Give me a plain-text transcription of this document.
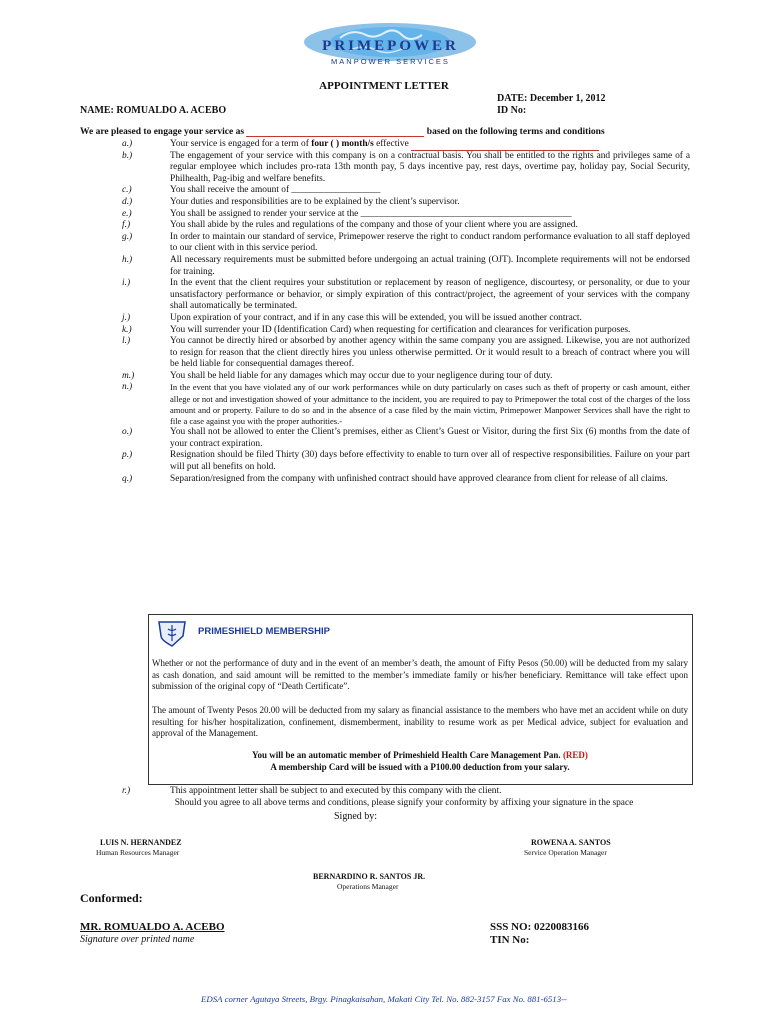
PRIMEPOWER
MANPOWER SERVICES
APPOINTMENT LETTER
DATE: December 1, 2012
NAME: ROMUALDO A. ACEBO	ID No:
We are pleased to engage your service as	based on the following terms and conditions
a.)	Your service is engaged for a term of four ( ) month/s effective
b.)	The engagement of your service with this company is on a contractual basis. You shall be entitled to the rights and privileges same of a regular employee which includes pro-rata 13th month pay, 5 days incentive pay, rest days, overtime pay, holiday pay, Social Security, Philhealth, Pag-ibig and welfare benefits.
c.)	You shall receive the amount of ___________________
d.)	Your duties and responsibilities are to be explained by the client’s supervisor.
e.)	You shall be assigned to render your service at the _____________________________________________
f.)	You shall abide by the rules and regulations of the company and those of your client where you are assigned.
g.)	In order to maintain our standard of service, Primepower reserve the right to conduct random performance evaluation to all staff deployed to our client with in this service period.
h.)	All necessary requirements must be submitted before undergoing an actual training (OJT). Incomplete requirements will not be endorsed for training.
i.)	In the event that the client requires your substitution or replacement by reason of negligence, discourtesy, or personality, or due to your unsatisfactory performance or behavior, or simply expiration of this contract/project, the agreement of your services with the company shall automatically be terminated.
j.)	Upon expiration of your contract, and if in any case this will be extended, you will be issued another contract.
k.)	You will surrender your ID (Identification Card) when requesting for certification and clearances for verification purposes.
l.)	You cannot be directly hired or absorbed by another agency within the same company you are assigned. Likewise, you are not authorized to resign for reason that the client directly hires you unless otherwise permitted. Or it would result to a breach of contract where you will be held liable for consequential damages thereof.
m.)	You shall be held liable for any damages which may occur due to your negligence during tour of duty.
n.)	In the event that you have violated any of our work performances while on duty particularly on cases such as theft of property or cash amount, either allege or not and investigation showed of your admittance to the incident, you are required to pay to Primepower the total cost of the charges of the loss amount and or property. Failure to do so and in the absence of a case filed by the main victim, Primepower Manpower Services shall have the right to file a case against you with the proper authorities.-
o.)	You shall not be allowed to enter the Client’s premises, either as Client’s Guest or Visitor, during the first Six (6) months from the date of your contract expiration.
p.)	Resignation should be filed Thirty (30) days before effectivity to enable to turn over all of respective responsibilities. Failure on your part will put all benefits on hold.
q.)	Separation/resigned from the company with unfinished contract should have approved clearance from client for release of all claims.
PRIMESHIELD MEMBERSHIP
Whether or not the performance of duty and in the event of an member’s death, the amount of Fifty Pesos (50.00) will be deducted from my salary as cash donation, and said amount will be remitted to the member’s immediate family or his/her beneficiary. Remittance will take effect upon submission of the original copy of “Death Certificate”.
The amount of Twenty Pesos 20.00 will be deducted from my salary as financial assistance to the members who have met an accident while on duty resulting for his/her hospitalization, confinement, dismemberment, inability to resume work as per Medical advice, subject for evaluation and approval of the Management.
You will be an automatic member of Primeshield Health Care Management Pan. (RED)
A membership Card will be issued with a P100.00 deduction from your salary.
r.)	This appointment letter shall be subject to and executed by this company with the client.
Should you agree to all above terms and conditions, please signify your conformity by affixing your signature in the space
Signed by:
LUIS N. HERNANDEZ
Human Resources Manager
ROWENA A. SANTOS
Service Operation Manager
BERNARDINO R. SANTOS JR.
Operations Manager
Conformed:
MR. ROMUALDO A. ACEBO
Signature over printed name
SSS NO: 0220083166
TIN No:
EDSA corner Agutaya Streets, Brgy. Pinagkaisahan, Makati City Tel. No. 882-3157 Fax No. 881-6513--
